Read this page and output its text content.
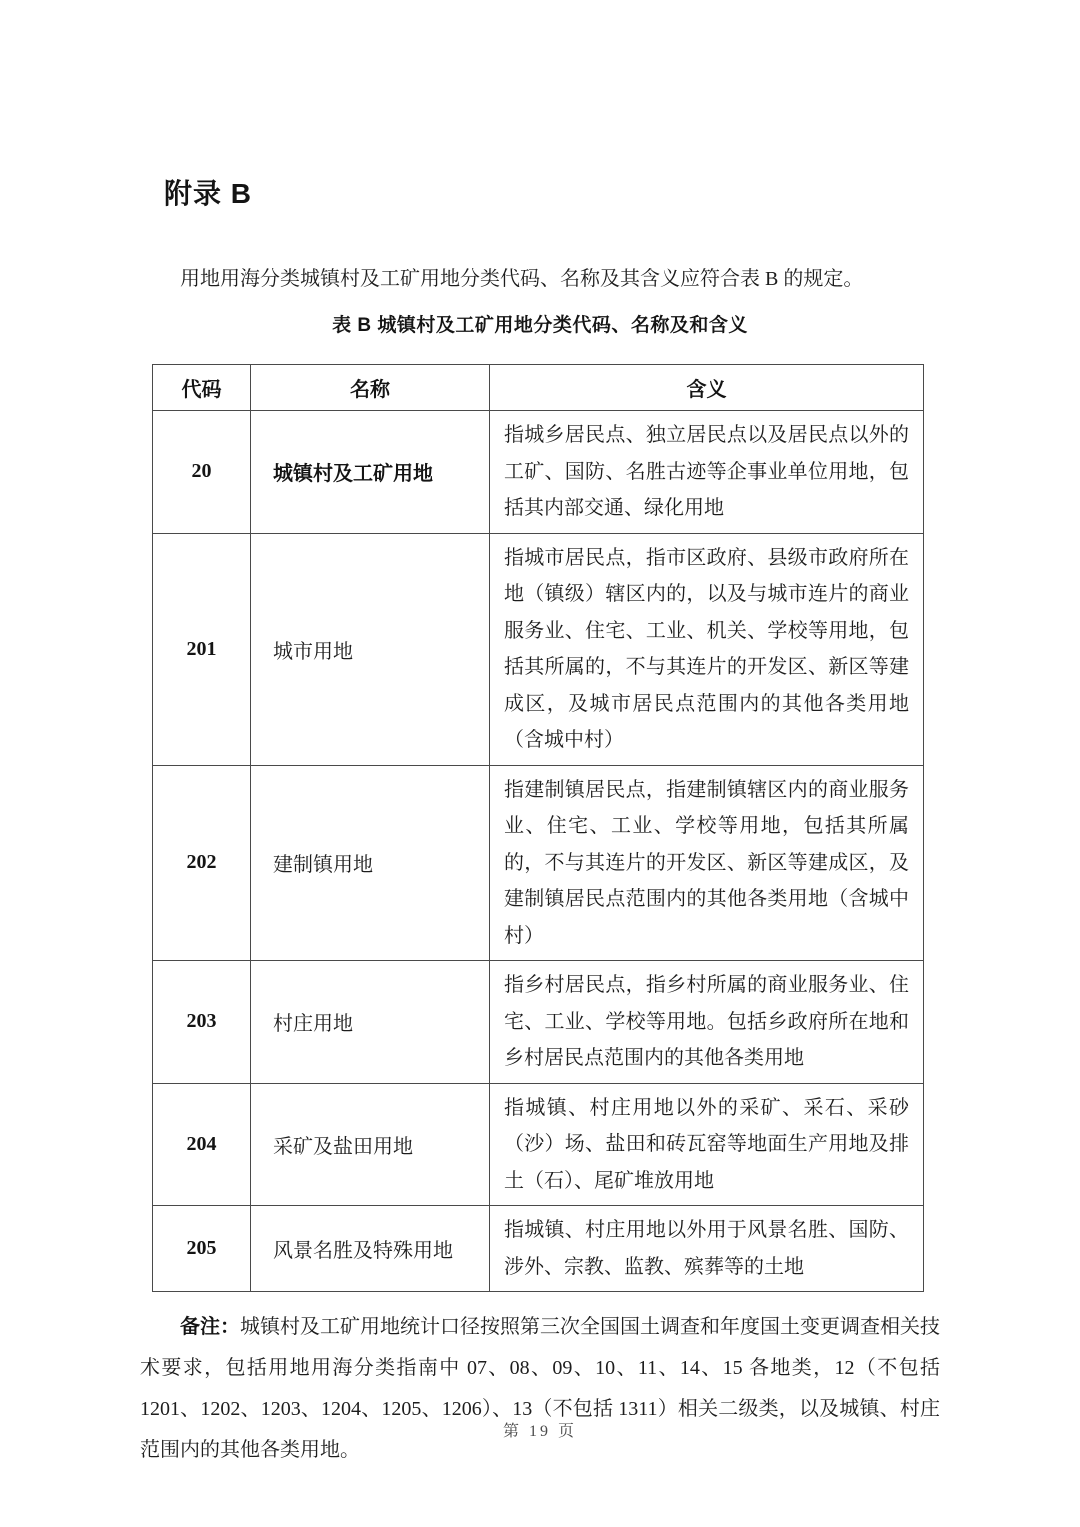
附录 B

用地用海分类城镇村及工矿用地分类代码、名称及其含义应符合表 B 的规定。

表 B 城镇村及工矿用地分类代码、名称及和含义
代码	名称	含义
20	城镇村及工矿用地	指城乡居民点、独立居民点以及居民点以外的工矿、国防、名胜古迹等企事业单位用地，包括其内部交通、绿化用地
201	城市用地	指城市居民点，指市区政府、县级市政府所在地（镇级）辖区内的，以及与城市连片的商业服务业、住宅、工业、机关、学校等用地，包括其所属的，不与其连片的开发区、新区等建成区，及城市居民点范围内的其他各类用地（含城中村）
202	建制镇用地	指建制镇居民点，指建制镇辖区内的商业服务业、住宅、工业、学校等用地，包括其所属的，不与其连片的开发区、新区等建成区，及建制镇居民点范围内的其他各类用地（含城中村）
203	村庄用地	指乡村居民点，指乡村所属的商业服务业、住宅、工业、学校等用地。包括乡政府所在地和乡村居民点范围内的其他各类用地
204	采矿及盐田用地	指城镇、村庄用地以外的采矿、采石、采砂（沙）场、盐田和砖瓦窑等地面生产用地及排土（石）、尾矿堆放用地
205	风景名胜及特殊用地	指城镇、村庄用地以外用于风景名胜、国防、涉外、宗教、监教、殡葬等的土地

备注：城镇村及工矿用地统计口径按照第三次全国国土调查和年度国土变更调查相关技术要求，包括用地用海分类指南中 07、08、09、10、11、14、15 各地类，12（不包括 1201、1202、1203、1204、1205、1206）、13（不包括 1311）相关二级类，以及城镇、村庄范围内的其他各类用地。

第 19 页
